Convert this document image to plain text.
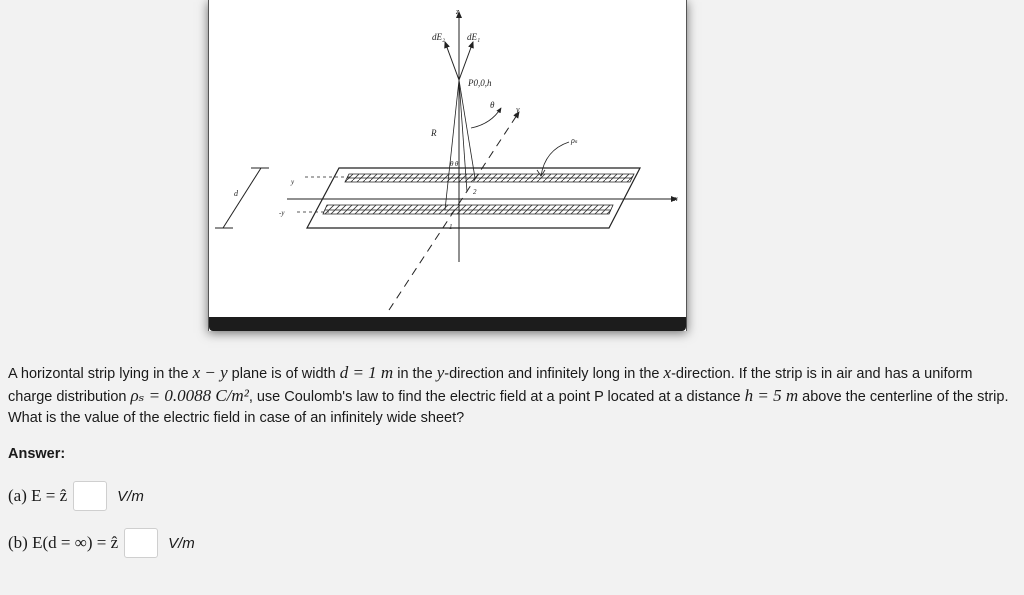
z
dE₂ dE₁
P0,0,h
θ	y
R
ρₛ
θ θ
d
y
-y
x
1
2
A horizontal strip lying in the x − y plane is of width d = 1 m in the y-direction and infinitely long in the x-direction. If the strip is in air and has a uniform charge distribution ρₛ = 0.0088 C/m², use Coulomb's law to find the electric field at a point P located at a distance h = 5 m above the centerline of the strip. What is the value of the electric field in case of an infinitely wide sheet?
Answer:
(a) E = ẑ	V/m
(b) E(d = ∞) = ẑ	V/m
